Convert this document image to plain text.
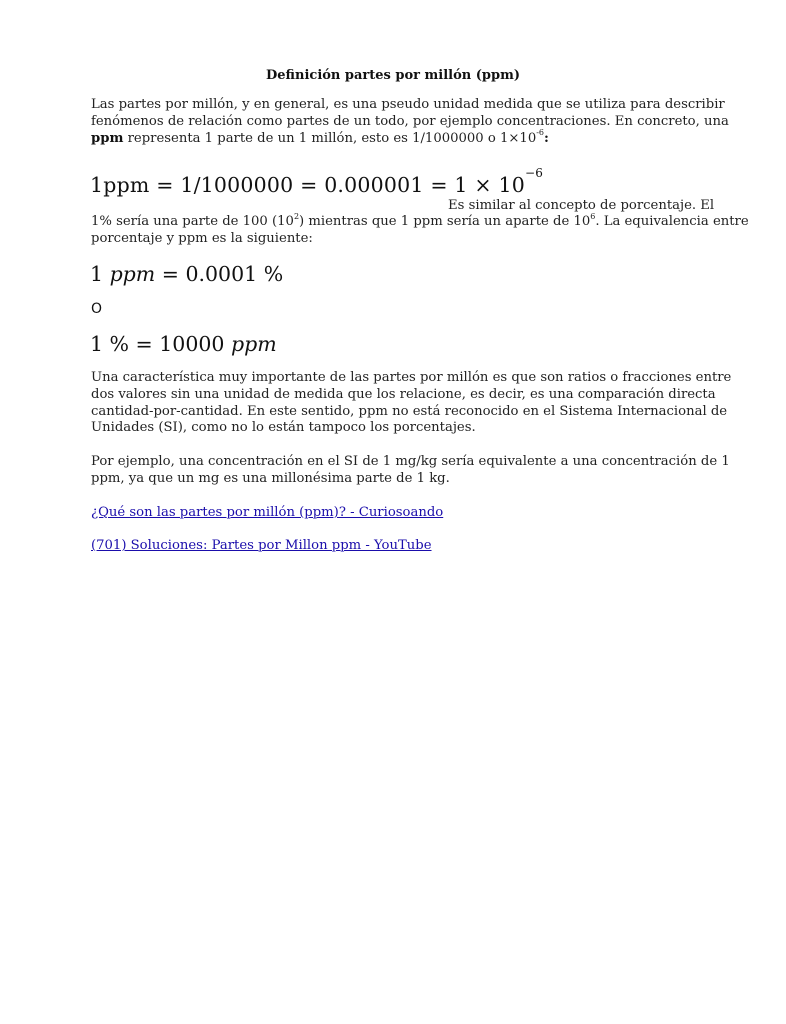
Definición partes por millón (ppm)
Las partes por millón, y en general, es una pseudo unidad medida que se utiliza para describir
fenómenos de relación como partes de un todo, por ejemplo concentraciones. En concreto, una
ppm representa 1 parte de un 1 millón, esto es 1/1000000 o $1\times 10^{-6}$:
$1ppm = 1/1000000 = 0.000001 = 1 \times 10^{-6}$
Es similar al concepto de porcentaje. El
1% sería una parte de 100 $(10^2)$ mientras que 1 ppm sería un aparte de $10^6$. La equivalencia entre
porcentaje y ppm es la siguiente:
1 ppm = 0.0001 %
O
1 % = 10000 ppm
Una característica muy importante de las partes por millón es que son ratios o fracciones entre
dos valores sin una unidad de medida que los relacione, es decir, es una comparación directa
cantidad-por-cantidad. En este sentido, ppm no está reconocido en el Sistema Internacional de
Unidades (SI), como no lo están tampoco los porcentajes.
Por ejemplo, una concentración en el SI de 1 mg/kg sería equivalente a una concentración de 1
ppm, ya que un mg es una millonésima parte de 1 kg.
¿Qué son las partes por millón (ppm)? - Curiosoando
(701) Soluciones: Partes por Millon ppm - YouTube
